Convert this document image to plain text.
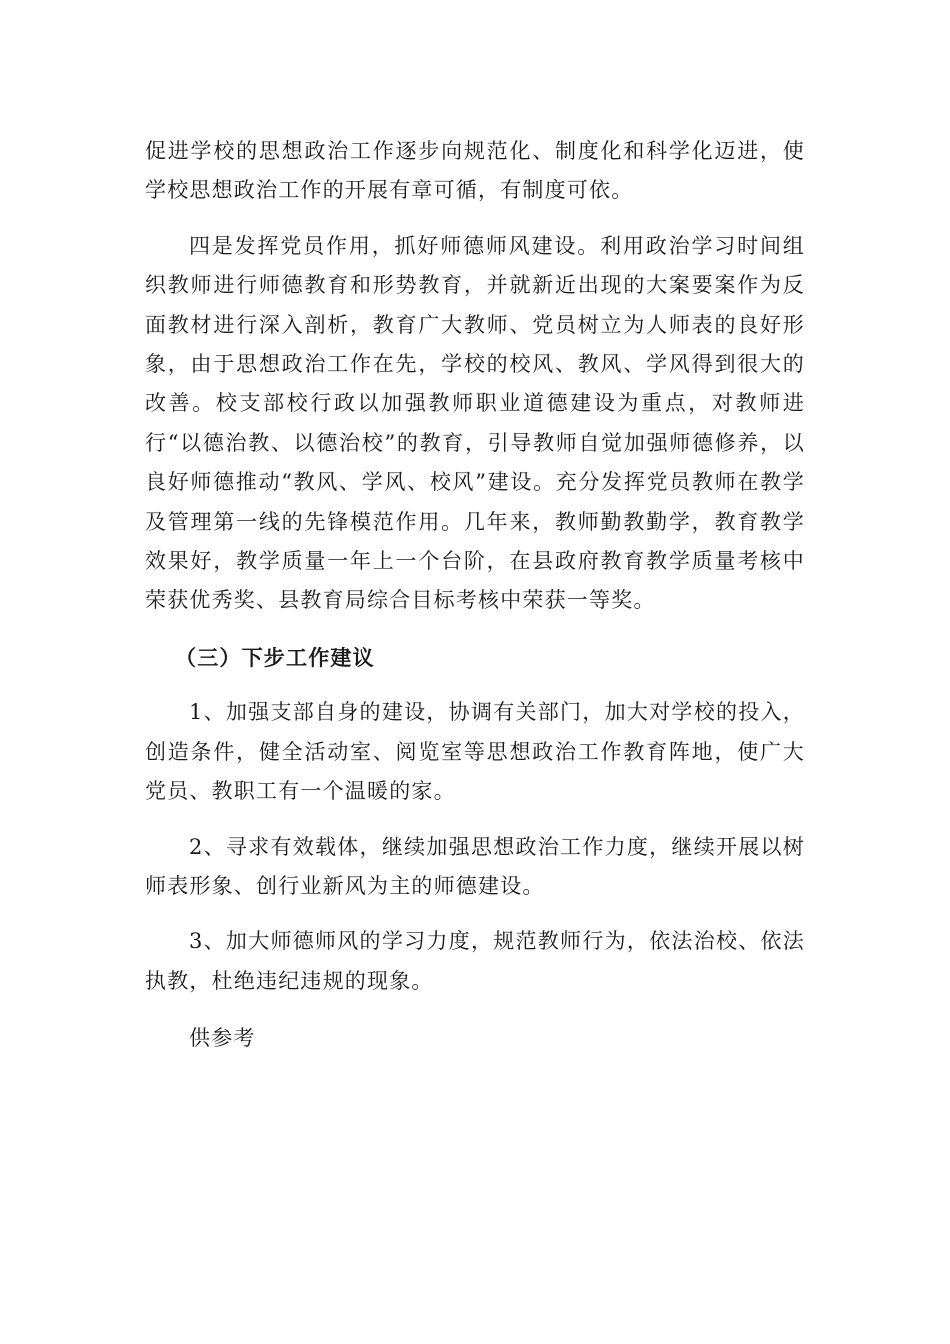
促进学校的思想政治工作逐步向规范化、制度化和科学化迈进，使学校思想政治工作的开展有章可循，有制度可依。

四是发挥党员作用，抓好师德师风建设。利用政治学习时间组织教师进行师德教育和形势教育，并就新近出现的大案要案作为反面教材进行深入剖析，教育广大教师、党员树立为人师表的良好形象，由于思想政治工作在先，学校的校风、教风、学风得到很大的改善。校支部校行政以加强教师职业道德建设为重点，对教师进行“以德治教、以德治校”的教育，引导教师自觉加强师德修养，以良好师德推动“教风、学风、校风”建设。充分发挥党员教师在教学及管理第一线的先锋模范作用。几年来，教师勤教勤学，教育教学效果好，教学质量一年上一个台阶，在县政府教育教学质量考核中荣获优秀奖、县教育局综合目标考核中荣获一等奖。

（三）下步工作建议

1、加强支部自身的建设，协调有关部门，加大对学校的投入，创造条件，健全活动室、阅览室等思想政治工作教育阵地，使广大党员、教职工有一个温暖的家。

2、寻求有效载体，继续加强思想政治工作力度，继续开展以树师表形象、创行业新风为主的师德建设。

3、加大师德师风的学习力度，规范教师行为，依法治校、依法执教，杜绝违纪违规的现象。

供参考
